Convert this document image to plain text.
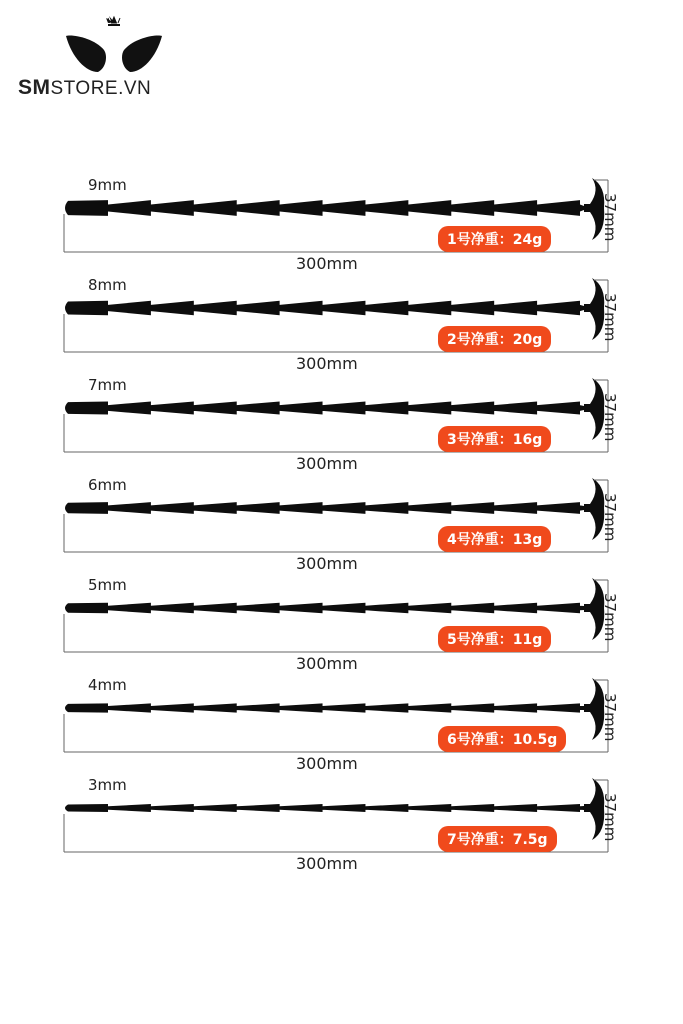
SMSTORE.VN
9mm
1号净重：24g
300mm
37mm
8mm
2号净重：20g
300mm
37mm
7mm
3号净重：16g
300mm
37mm
6mm
4号净重：13g
300mm
37mm
5mm
5号净重：11g
300mm
37mm
4mm
6号净重：10.5g
300mm
37mm
3mm
7号净重：7.5g
300mm
37mm
